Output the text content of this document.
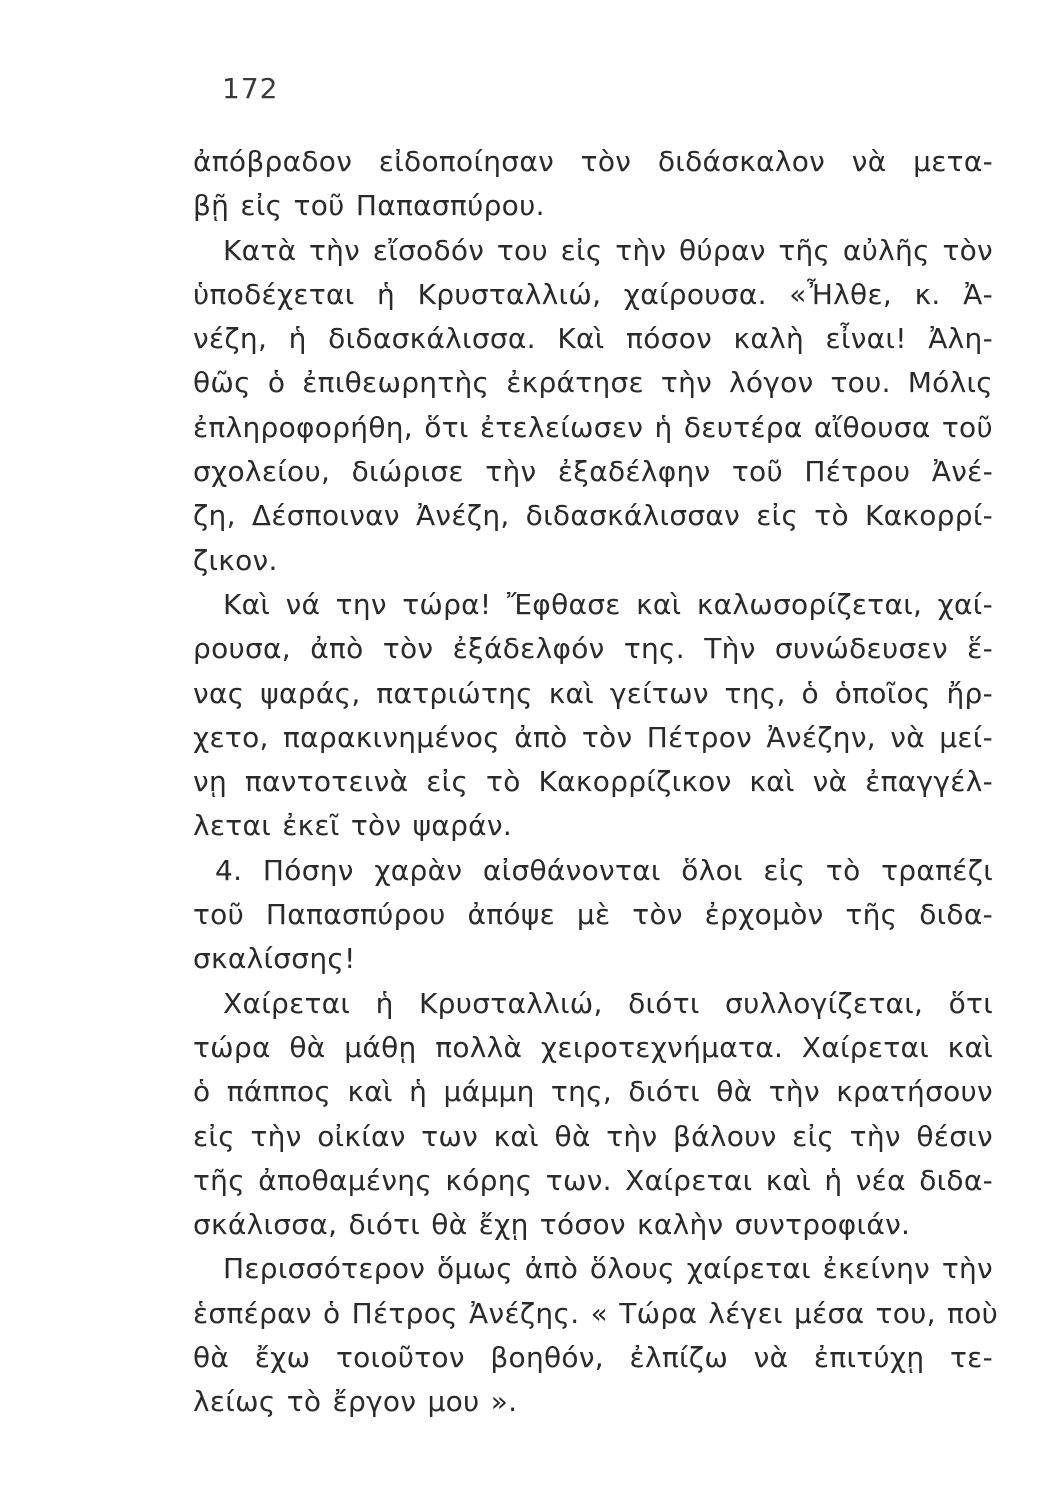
172
ἀπόβραδον εἰδοποίησαν τὸν διδάσκαλον νὰ μετα-
βῇ εἰς τοῦ Παπασπύρου.
Κατὰ τὴν εἴσοδόν του εἰς τὴν θύραν τῆς αὐλῆς τὸν
ὑποδέχεται ἡ Κρυσταλλιώ, χαίρουσα. «Ἦλθε, κ. Ἀ-
νέζη, ἡ διδασκάλισσα. Καὶ πόσον καλὴ εἶναι! Ἀλη-
θῶς ὁ ἐπιθεωρητὴς ἐκράτησε τὴν λόγον του. Μόλις
ἐπληροφορήθη, ὅτι ἐτελείωσεν ἡ δευτέρα αἴθουσα τοῦ
σχολείου, διώρισε τὴν ἐξαδέλφην τοῦ Πέτρου Ἀνέ-
ζη, Δέσποιναν Ἀνέζη, διδασκάλισσαν εἰς τὸ Κακορρί-
ζικον.
Καὶ νά την τώρα! Ἔφθασε καὶ καλωσορίζεται, χαί-
ρουσα, ἀπὸ τὸν ἐξάδελφόν της. Τὴν συνώδευσεν ἕ-
νας ψαράς, πατριώτης καὶ γείτων της, ὁ ὁποῖος ἤρ-
χετο, παρακινημένος ἀπὸ τὸν Πέτρον Ἀνέζην, νὰ μεί-
νῃ παντοτεινὰ εἰς τὸ Κακορρίζικον καὶ νὰ ἐπαγγέλ-
λεται ἐκεῖ τὸν ψαράν.
4. Πόσην χαρὰν αἰσθάνονται ὅλοι εἰς τὸ τραπέζι
τοῦ Παπασπύρου ἀπόψε μὲ τὸν ἐρχομὸν τῆς διδα-
σκαλίσσης!
Χαίρεται ἡ Κρυσταλλιώ, διότι συλλογίζεται, ὅτι
τώρα θὰ μάθῃ πολλὰ χειροτεχνήματα. Χαίρεται καὶ
ὁ πάππος καὶ ἡ μάμμη της, διότι θὰ τὴν κρατήσουν
εἰς τὴν οἰκίαν των καὶ θὰ τὴν βάλουν εἰς τὴν θέσιν
τῆς ἀποθαμένης κόρης των. Χαίρεται καὶ ἡ νέα διδα-
σκάλισσα, διότι θὰ ἔχῃ τόσον καλὴν συντροφιάν.
Περισσότερον ὅμως ἀπὸ ὅλους χαίρεται ἐκείνην τὴν
ἑσπέραν ὁ Πέτρος Ἀνέζης. « Τώρα λέγει μέσα του, ποὺ
θὰ ἔχω τοιοῦτον βοηθόν, ἐλπίζω νὰ ἐπιτύχῃ τε-
λείως τὸ ἔργον μου ».
